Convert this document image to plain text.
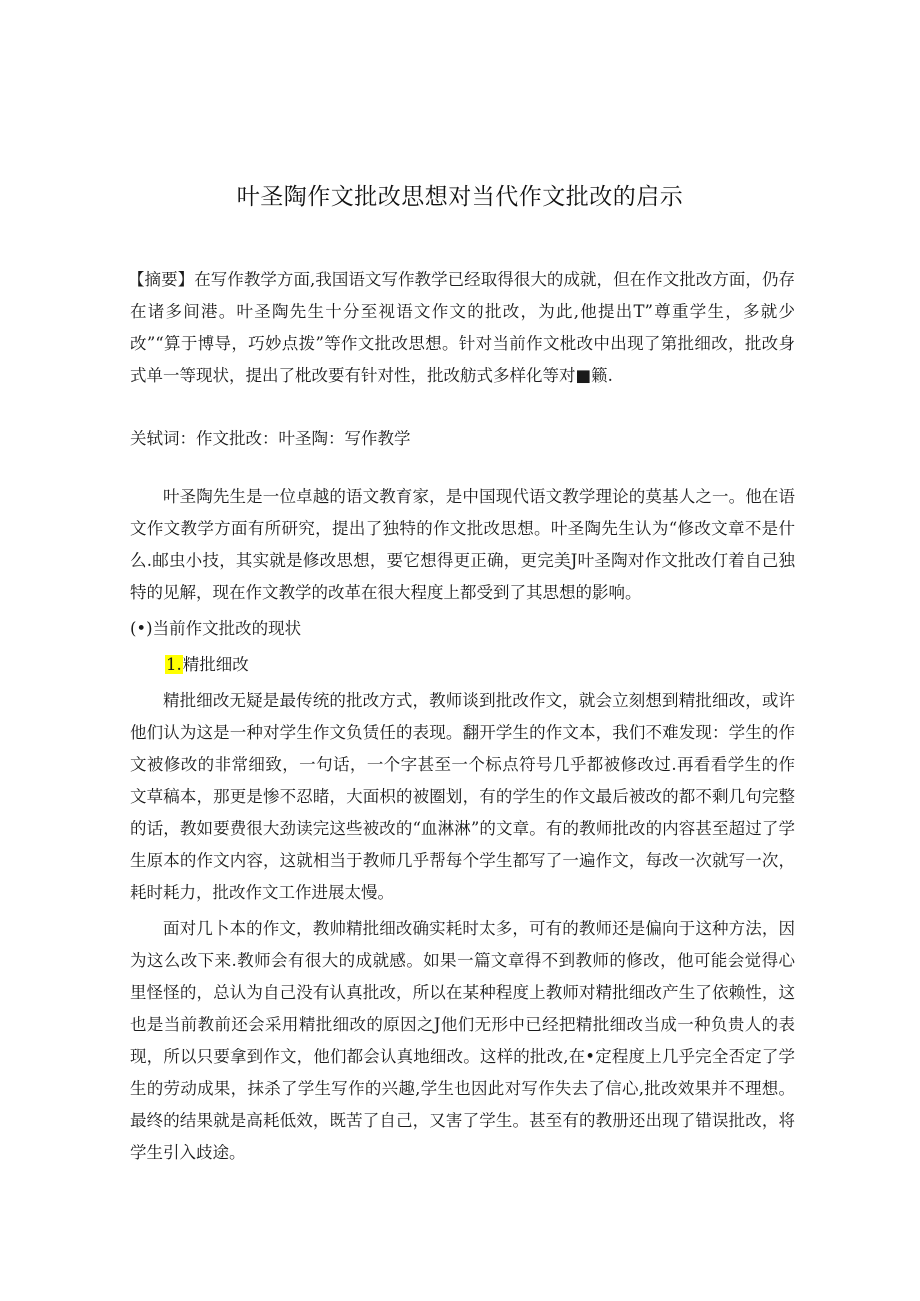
叶圣陶作文批改思想对当代作文批改的启示
【摘要】在写作教学方面,我国语文写作教学已经取得很大的成就，但在作文批改方面，仍存在诸多间港。叶圣陶先生十分至视语文作文的批改，为此,他提出T”尊重学生，多就少改”“算于博导，巧妙点拨”等作文批改思想。针对当前作文枇改中出现了第批细改，批改身式单一等现状，提出了枇改要有针对性，批改舫式多样化等对■籁.
关轼词：作文批改：叶圣陶：写作教学

叶圣陶先生是一位卓越的语文教育家，是中国现代语文教学理论的莫基人之一。他在语文作文教学方面有所研究，提出了独特的作文批改思想。叶圣陶先生认为“修改文章不是什么.邮虫小技，其实就是修改思想，要它想得更正确，更完美J叶圣陶对作文批改仃着自己独特的见解，现在作文教学的改革在很大程度上都受到了其思想的影响。

(•)当前作文批改的现状

1.精批细改

精批细改无疑是最传统的批改方式，教师谈到批改作文，就会立刻想到精批细改，或许他们认为这是一种对学生作文负赁任的表现。翻开学生的作文本，我们不难发现：学生的作文被修改的非常细致，一句话，一个字甚至一个标点符号几乎都被修改过.再看看学生的作文草稿本，那更是惨不忍睹，大面枳的被圈划，有的学生的作文最后被改的都不剩几句完整的话，教如要费很大劲读完这些被改的“血淋淋”的文章。有的教师批改的内容甚至超过了学生原本的作文内容，这就相当于教师几乎帮每个学生都写了一遍作文，每改一次就写一次，耗时耗力，批改作文工作进展太慢。

面对几卜本的作文，教帅精批细改确实耗时太多，可有的教师还是偏向于这种方法，因为这么改下来.教师会有很大的成就感。如果一篇文章得不到教师的修改，他可能会觉得心里怪怪的，总认为自己没有认真批改，所以在某种程度上教师对精批细改产生了依赖性，这也是当前教前还会采用精批细改的原因之J他们无形中已经把精批细改当成一种负贵人的表现，所以只要拿到作文，他们都会认真地细改。这样的批改,在•定程度上几乎完全否定了学生的劳动成果，抹杀了学生写作的兴趣,学生也因此对写作失去了信心,批改效果并不理想。最终的结果就是高耗低效，既苦了自己，又害了学生。甚至有的教册还出现了错误批改，将学生引入歧途。
